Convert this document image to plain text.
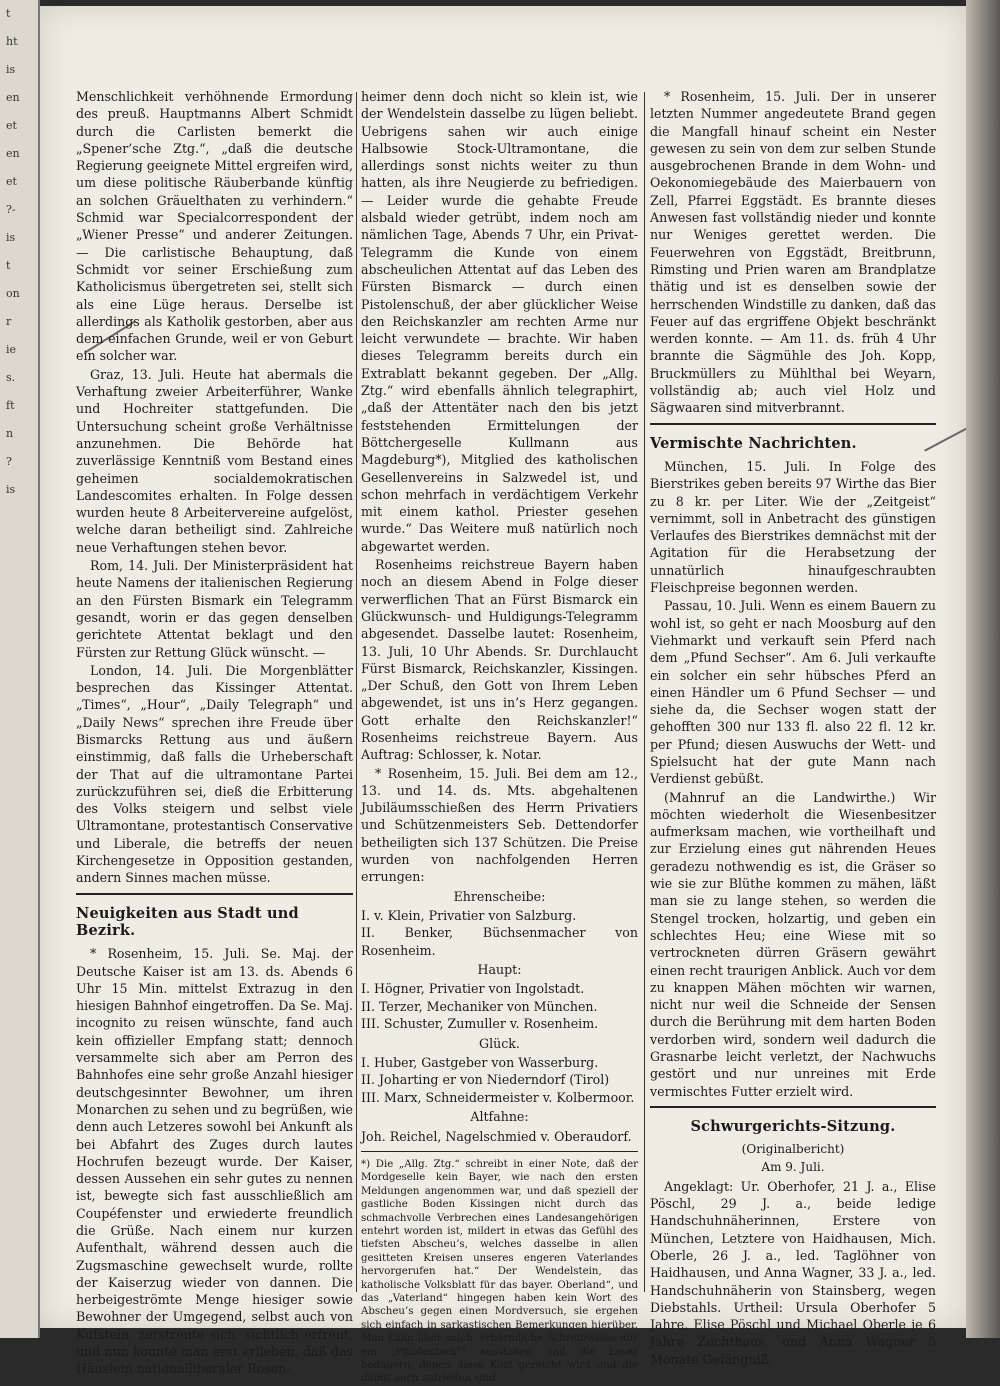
t
ht
is
en
et
en
et
?-
is
t
on
r
ie
s.
ft
n
?
is

Menschlichkeit verhöhnende Ermordung des preuß. Hauptmanns Albert Schmidt durch die Carlisten bemerkt die „Spener’sche Ztg.“, „daß die deutsche Regierung geeignete Mittel ergreifen wird, um diese politische Räuberbande künftig an solchen Gräuelthaten zu verhindern.“ Schmid war Specialcorrespondent der „Wiener Presse“ und anderer Zeitungen. — Die carlistische Behauptung, daß Schmidt vor seiner Erschießung zum Katholicismus übergetreten sei, stellt sich als eine Lüge heraus. Derselbe ist allerdings als Katholik gestorben, aber aus dem einfachen Grunde, weil er von Geburt ein solcher war.

Graz, 13. Juli. Heute hat abermals die Verhaftung zweier Arbeiterführer, Wanke und Hochreiter stattgefunden. Die Untersuchung scheint große Verhältnisse anzunehmen. Die Behörde hat zuverlässige Kenntniß vom Bestand eines geheimen socialdemokratischen Landescomites erhalten. In Folge dessen wurden heute 8 Arbeitervereine aufgelöst, welche daran betheiligt sind. Zahlreiche neue Verhaftungen stehen bevor.

Rom, 14. Juli. Der Ministerpräsident hat heute Namens der italienischen Regierung an den Fürsten Bismark ein Telegramm gesandt, worin er das gegen denselben gerichtete Attentat beklagt und den Fürsten zur Rettung Glück wünscht. —

London, 14. Juli. Die Morgenblätter besprechen das Kissinger Attentat. „Times“, „Hour“, „Daily Telegraph“ und „Daily News“ sprechen ihre Freude über Bismarcks Rettung aus und äußern einstimmig, daß falls die Urheberschaft der That auf die ultramontane Partei zurückzuführen sei, dieß die Erbitterung des Volks steigern und selbst viele Ultramontane, protestantisch Conservative und Liberale, die betreffs der neuen Kirchengesetze in Opposition gestanden, andern Sinnes machen müsse.

Neuigkeiten aus Stadt und Bezirk.

* Rosenheim, 15. Juli. Se. Maj. der Deutsche Kaiser ist am 13. ds. Abends 6 Uhr 15 Min. mittelst Extrazug in den hiesigen Bahnhof eingetroffen. Da Se. Maj. incognito zu reisen wünschte, fand auch kein offizieller Empfang statt; dennoch versammelte sich aber am Perron des Bahnhofes eine sehr große Anzahl hiesiger deutschgesinnter Bewohner, um ihren Monarchen zu sehen und zu begrüßen, wie denn auch Letzeres sowohl bei Ankunft als bei Abfahrt des Zuges durch lautes Hochrufen bezeugt wurde. Der Kaiser, dessen Aussehen ein sehr gutes zu nennen ist, bewegte sich fast ausschließlich am Coupéfenster und erwiederte freundlich die Grüße. Nach einem nur kurzen Aufenthalt, während dessen auch die Zugsmaschine gewechselt wurde, rollte der Kaiserzug wieder von dannen. Die herbeigeströmte Menge hiesiger sowie Bewohner der Umgegend, selbst auch von Kufstein, zerstreute sich, sichtlich erfreut, und nun konnte man erst erlieben, daß das Häuslein nationalliberaler Rosen-

heimer denn doch nicht so klein ist, wie der Wendelstein dasselbe zu lügen beliebt. Uebrigens sahen wir auch einige Halbsowie Stock-Ultramontane, die allerdings sonst nichts weiter zu thun hatten, als ihre Neugierde zu befriedigen. — Leider wurde die gehabte Freude alsbald wieder getrübt, indem noch am nämlichen Tage, Abends 7 Uhr, ein Privat-Telegramm die Kunde von einem abscheulichen Attentat auf das Leben des Fürsten Bismarck — durch einen Pistolenschuß, der aber glücklicher Weise den Reichskanzler am rechten Arme nur leicht verwundete — brachte. Wir haben dieses Telegramm bereits durch ein Extrablatt bekannt gegeben. Der „Allg. Ztg.“ wird ebenfalls ähnlich telegraphirt, „daß der Attentäter nach den bis jetzt feststehenden Ermittelungen der Böttchergeselle Kullmann aus Magdeburg*), Mitglied des katholischen Gesellenvereins in Salzwedel ist, und schon mehrfach in verdächtigem Verkehr mit einem kathol. Priester gesehen wurde.“ Das Weitere muß natürlich noch abgewartet werden.

Rosenheims reichstreue Bayern haben noch an diesem Abend in Folge dieser verwerflichen That an Fürst Bismarck ein Glückwunsch- und Huldigungs-Telegramm abgesendet. Dasselbe lautet: Rosenheim, 13. Juli, 10 Uhr Abends. Sr. Durchlaucht Fürst Bismarck, Reichskanzler, Kissingen. „Der Schuß, den Gott von Ihrem Leben abgewendet, ist uns in’s Herz gegangen. Gott erhalte den Reichskanzler!“ Rosenheims reichstreue Bayern. Aus Auftrag: Schlosser, k. Notar.

* Rosenheim, 15. Juli. Bei dem am 12., 13. und 14. ds. Mts. abgehaltenen Jubiläumsschießen des Herrn Privatiers und Schützenmeisters Seb. Dettendorfer betheiligten sich 137 Schützen. Die Preise wurden von nachfolgenden Herren errungen:

Ehrenscheibe:

I. v. Klein, Privatier von Salzburg.

II. Benker, Büchsenmacher von Rosenheim.

Haupt:

I. Högner, Privatier von Ingolstadt.

II. Terzer, Mechaniker von München.

III. Schuster, Zumuller v. Rosenheim.

Glück.

I. Huber, Gastgeber von Wasserburg.

II. Joharting er von Niederndorf (Tirol)

III. Marx, Schneidermeister v. Kolbermoor.

Altfahne:

Joh. Reichel, Nagelschmied v. Oberaudorf.

*) Die „Allg. Ztg.“ schreibt in einer Note, daß der Mordgeselle kein Bayer, wie nach den ersten Meldungen angenommen war, und daß speziell der gastliche Boden Kissingen nicht durch das schmachvolle Verbrechen eines Landesangehörigen entehrt worden ist, mildert in etwas das Gefühl des tiefsten Abscheu’s, welches dasselbe in allen gesitteten Kreisen unseres engeren Vaterlandes hervorgerufen hat.“ Der Wendelstein, das katholische Volksblatt für das bayer. Oberland“, und das „Vaterland“ hingegen haben kein Wort des Abscheu’s gegen einen Mordversuch, sie ergehen sich einfach in sarkastischen Bemerkungen hierüber. Man kann über solch’ erbärmliche Schreibweise nur ein „Pfuideutsch!“ ausstoßen und die Leser bedauern, denen diese Kost gereicht wird und die damit auch zufrieden sind.

* Rosenheim, 15. Juli. Der in unserer letzten Nummer angedeutete Brand gegen die Mangfall hinauf scheint ein Nester gewesen zu sein von dem zur selben Stunde ausgebrochenen Brande in dem Wohn- und Oekonomiegebäude des Maierbauern von Zell, Pfarrei Eggstädt. Es brannte dieses Anwesen fast vollständig nieder und konnte nur Weniges gerettet werden. Die Feuerwehren von Eggstädt, Breitbrunn, Rimsting und Prien waren am Brandplatze thätig und ist es denselben sowie der herrschenden Windstille zu danken, daß das Feuer auf das ergriffene Objekt beschränkt werden konnte. — Am 11. ds. früh 4 Uhr brannte die Sägmühle des Joh. Kopp, Bruckmüllers zu Mühlthal bei Weyarn, vollständig ab; auch viel Holz und Sägwaaren sind mitverbrannt.

Vermischte Nachrichten.

München, 15. Juli. In Folge des Bierstrikes geben bereits 97 Wirthe das Bier zu 8 kr. per Liter. Wie der „Zeitgeist“ vernimmt, soll in Anbetracht des günstigen Verlaufes des Bierstrikes demnächst mit der Agitation für die Herabsetzung der unnatürlich hinaufgeschraubten Fleischpreise begonnen werden.

Passau, 10. Juli. Wenn es einem Bauern zu wohl ist, so geht er nach Moosburg auf den Viehmarkt und verkauft sein Pferd nach dem „Pfund Sechser“. Am 6. Juli verkaufte ein solcher ein sehr hübsches Pferd an einen Händler um 6 Pfund Sechser — und siehe da, die Sechser wogen statt der gehofften 300 nur 133 fl. also 22 fl. 12 kr. per Pfund; diesen Auswuchs der Wett- und Spielsucht hat der gute Mann nach Verdienst gebüßt.

(Mahnruf an die Landwirthe.) Wir möchten wiederholt die Wiesenbesitzer aufmerksam machen, wie vortheilhaft und zur Erzielung eines gut nährenden Heues geradezu nothwendig es ist, die Gräser so wie sie zur Blüthe kommen zu mähen, läßt man sie zu lange stehen, so werden die Stengel trocken, holzartig, und geben ein schlechtes Heu; eine Wiese mit so vertrockneten dürren Gräsern gewährt einen recht traurigen Anblick. Auch vor dem zu knappen Mähen möchten wir warnen, nicht nur weil die Schneide der Sensen durch die Berührung mit dem harten Boden verdorben wird, sondern weil dadurch die Grasnarbe leicht verletzt, der Nachwuchs gestört und nur unreines mit Erde vermischtes Futter erzielt wird.

Schwurgerichts-Sitzung.

(Originalbericht)

Am 9. Juli.

Angeklagt: Ur. Oberhofer, 21 J. a., Elise Pöschl, 29 J. a., beide ledige Handschuhnäherinnen, Erstere von München, Letztere von Haidhausen, Mich. Oberle, 26 J. a., led. Taglöhner von Haidhausen, und Anna Wagner, 33 J. a., led. Handschuhnäherin von Stainsberg, wegen Diebstahls. Urtheil: Ursula Oberhofer 5 Jahre, Elise Pöschl und Michael Oberle je 6 Jahre Zuchthaus, und Anna Wagner 5 Monate Gefängniß.
